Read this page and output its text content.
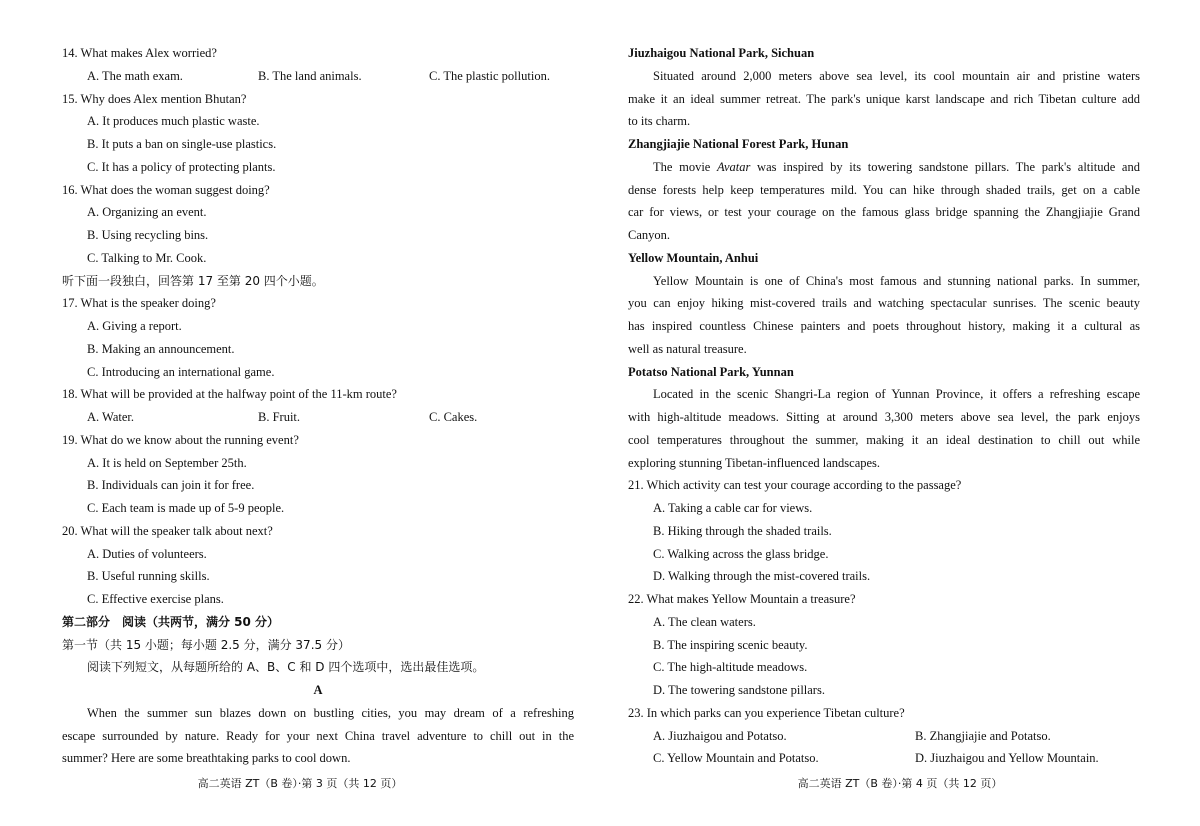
14. What makes Alex worried?
A. The math exam.	B. The land animals.	C. The plastic pollution.
15. Why does Alex mention Bhutan?
A. It produces much plastic waste.
B. It puts a ban on single-use plastics.
C. It has a policy of protecting plants.
16. What does the woman suggest doing?
A. Organizing an event.
B. Using recycling bins.
C. Talking to Mr. Cook.
听下面一段独白，回答第 17 至第 20 四个小题。
17. What is the speaker doing?
A. Giving a report.
B. Making an announcement.
C. Introducing an international game.
18. What will be provided at the halfway point of the 11-km route?
A. Water.	B. Fruit.	C. Cakes.
19. What do we know about the running event?
A. It is held on September 25th.
B. Individuals can join it for free.
C. Each team is made up of 5-9 people.
20. What will the speaker talk about next?
A. Duties of volunteers.
B. Useful running skills.
C. Effective exercise plans.
第二部分　阅读（共两节，满分 50 分）
第一节（共 15 小题；每小题 2.5 分，满分 37.5 分）
阅读下列短文，从每题所给的 A、B、C 和 D 四个选项中，选出最佳选项。
A
When the summer sun blazes down on bustling cities, you may dream of a refreshing
escape surrounded by nature. Ready for your next China travel adventure to chill out in the
summer? Here are some breathtaking parks to cool down.
Jiuzhaigou National Park, Sichuan
Situated around 2,000 meters above sea level, its cool mountain air and pristine waters
make it an ideal summer retreat. The park's unique karst landscape and rich Tibetan culture add
to its charm.
Zhangjiajie National Forest Park, Hunan
The movie Avatar was inspired by its towering sandstone pillars. The park's altitude and
dense forests help keep temperatures mild. You can hike through shaded trails, get on a cable
car for views, or test your courage on the famous glass bridge spanning the Zhangjiajie Grand
Canyon.
Yellow Mountain, Anhui
Yellow Mountain is one of China's most famous and stunning national parks. In summer,
you can enjoy hiking mist-covered trails and watching spectacular sunrises. The scenic beauty
has inspired countless Chinese painters and poets throughout history, making it a cultural as
well as natural treasure.
Potatso National Park, Yunnan
Located in the scenic Shangri-La region of Yunnan Province, it offers a refreshing escape
with high-altitude meadows. Sitting at around 3,300 meters above sea level, the park enjoys
cool temperatures throughout the summer, making it an ideal destination to chill out while
exploring stunning Tibetan-influenced landscapes.
21. Which activity can test your courage according to the passage?
A. Taking a cable car for views.
B. Hiking through the shaded trails.
C. Walking across the glass bridge.
D. Walking through the mist-covered trails.
22. What makes Yellow Mountain a treasure?
A. The clean waters.
B. The inspiring scenic beauty.
C. The high-altitude meadows.
D. The towering sandstone pillars.
23. In which parks can you experience Tibetan culture?
A. Jiuzhaigou and Potatso.	B. Zhangjiajie and Potatso.
C. Yellow Mountain and Potatso.	D. Jiuzhaigou and Yellow Mountain.
高二英语 ZT（B 卷）·第 3 页（共 12 页）	高二英语 ZT（B 卷）·第 4 页（共 12 页）
